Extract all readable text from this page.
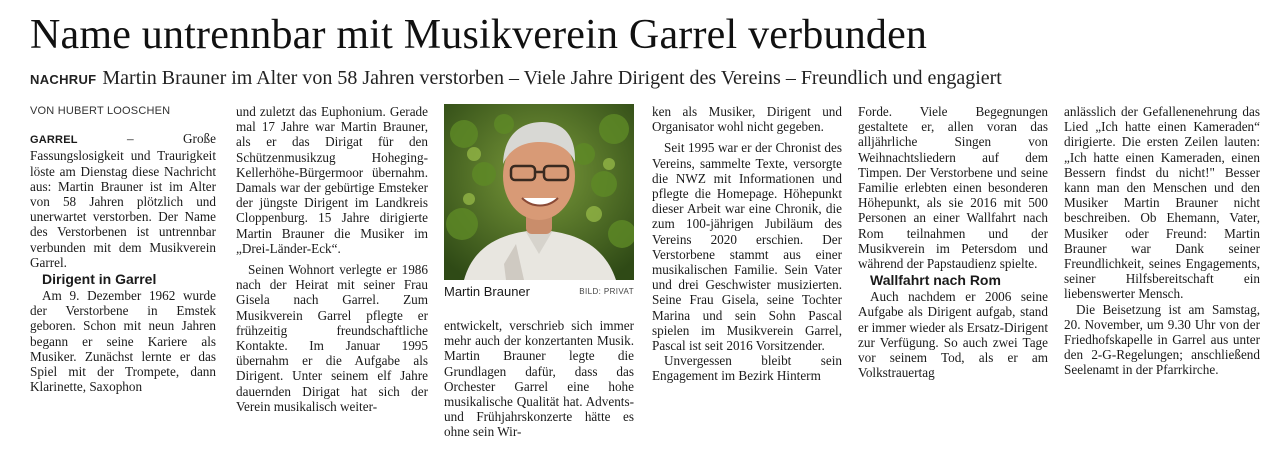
Name untrennbar mit Musikverein Garrel verbunden
NACHRUF Martin Brauner im Alter von 58 Jahren verstorben – Viele Jahre Dirigent des Vereins – Freundlich und engagiert
VON HUBERT LOOSCHEN

GARREL – Große Fassungslosigkeit und Traurigkeit löste am Dienstag diese Nachricht aus: Martin Brauner ist im Alter von 58 Jahren plötzlich und unerwartet verstorben. Der Name des Verstorbenen ist untrennbar verbunden mit dem Musikverein Garrel.

Dirigent in Garrel

Am 9. Dezember 1962 wurde der Verstorbene in Emstek geboren. Schon mit neun Jahren begann er seine Kariere als Musiker. Zunächst lernte er das Spiel mit der Trompete, dann Klarinette, Saxophon

und zuletzt das Euphonium. Gerade mal 17 Jahre war Martin Brauner, als er das Dirigat für den Schützenmusikzug Hoheging-Kellerhöhe-Bürgermoor übernahm. Damals war der gebürtige Emsteker der jüngste Dirigent im Landkreis Cloppenburg. 15 Jahre dirigierte Martin Brauner die Musiker im „Drei-Länder-Eck“.

Seinen Wohnort verlegte er 1986 nach der Heirat mit seiner Frau Gisela nach Garrel. Zum Musikverein Garrel pflegte er frühzeitig freundschaftliche Kontakte. Im Januar 1995 übernahm er die Aufgabe als Dirigent. Unter seinem elf Jahre dauernden Dirigat hat sich der Verein musikalisch weiter-

Martin Brauner	BILD: PRIVAT

entwickelt, verschrieb sich immer mehr auch der konzertanten Musik. Martin Brauner legte die Grundlagen dafür, dass das Orchester Garrel eine hohe musikalische Qualität hat. Advents- und Frühjahrskonzerte hätte es ohne sein Wir-

ken als Musiker, Dirigent und Organisator wohl nicht gegeben.

Seit 1995 war er der Chronist des Vereins, sammelte Texte, versorgte die NWZ mit Informationen und pflegte die Homepage. Höhepunkt dieser Arbeit war eine Chronik, die zum 100-jährigen Jubiläum des Vereins 2020 erschien. Der Verstorbene stammt aus einer musikalischen Familie. Sein Vater und drei Geschwister musizierten. Seine Frau Gisela, seine Tochter Marina und sein Sohn Pascal spielen im Musikverein Garrel, Pascal ist seit 2016 Vorsitzender.

Unvergessen bleibt sein Engagement im Bezirk Hinterm

Forde. Viele Begegnungen gestaltete er, allen voran das alljährliche Singen von Weihnachtsliedern auf dem Timpen. Der Verstorbene und seine Familie erlebten einen besonderen Höhepunkt, als sie 2016 mit 500 Personen an einer Wallfahrt nach Rom teilnahmen und der Musikverein im Petersdom und während der Papstaudienz spielte.

Wallfahrt nach Rom

Auch nachdem er 2006 seine Aufgabe als Dirigent aufgab, stand er immer wieder als Ersatz-Dirigent zur Verfügung. So auch zwei Tage vor seinem Tod, als er am Volkstrauertag

anlässlich der Gefallenenehrung das Lied „Ich hatte einen Kameraden“ dirigierte. Die ersten Zeilen lauten: „Ich hatte einen Kameraden, einen Bessern findst du nicht!" Besser kann man den Menschen und den Musiker Martin Brauner nicht beschreiben. Ob Ehemann, Vater, Musiker oder Freund: Martin Brauner war Dank seiner Freundlichkeit, seines Engagements, seiner Hilfsbereitschaft ein liebenswerter Mensch.

Die Beisetzung ist am Samstag, 20. November, um 9.30 Uhr von der Friedhofskapelle in Garrel aus unter den 2-G-Regelungen; anschließend Seelenamt in der Pfarrkirche.
